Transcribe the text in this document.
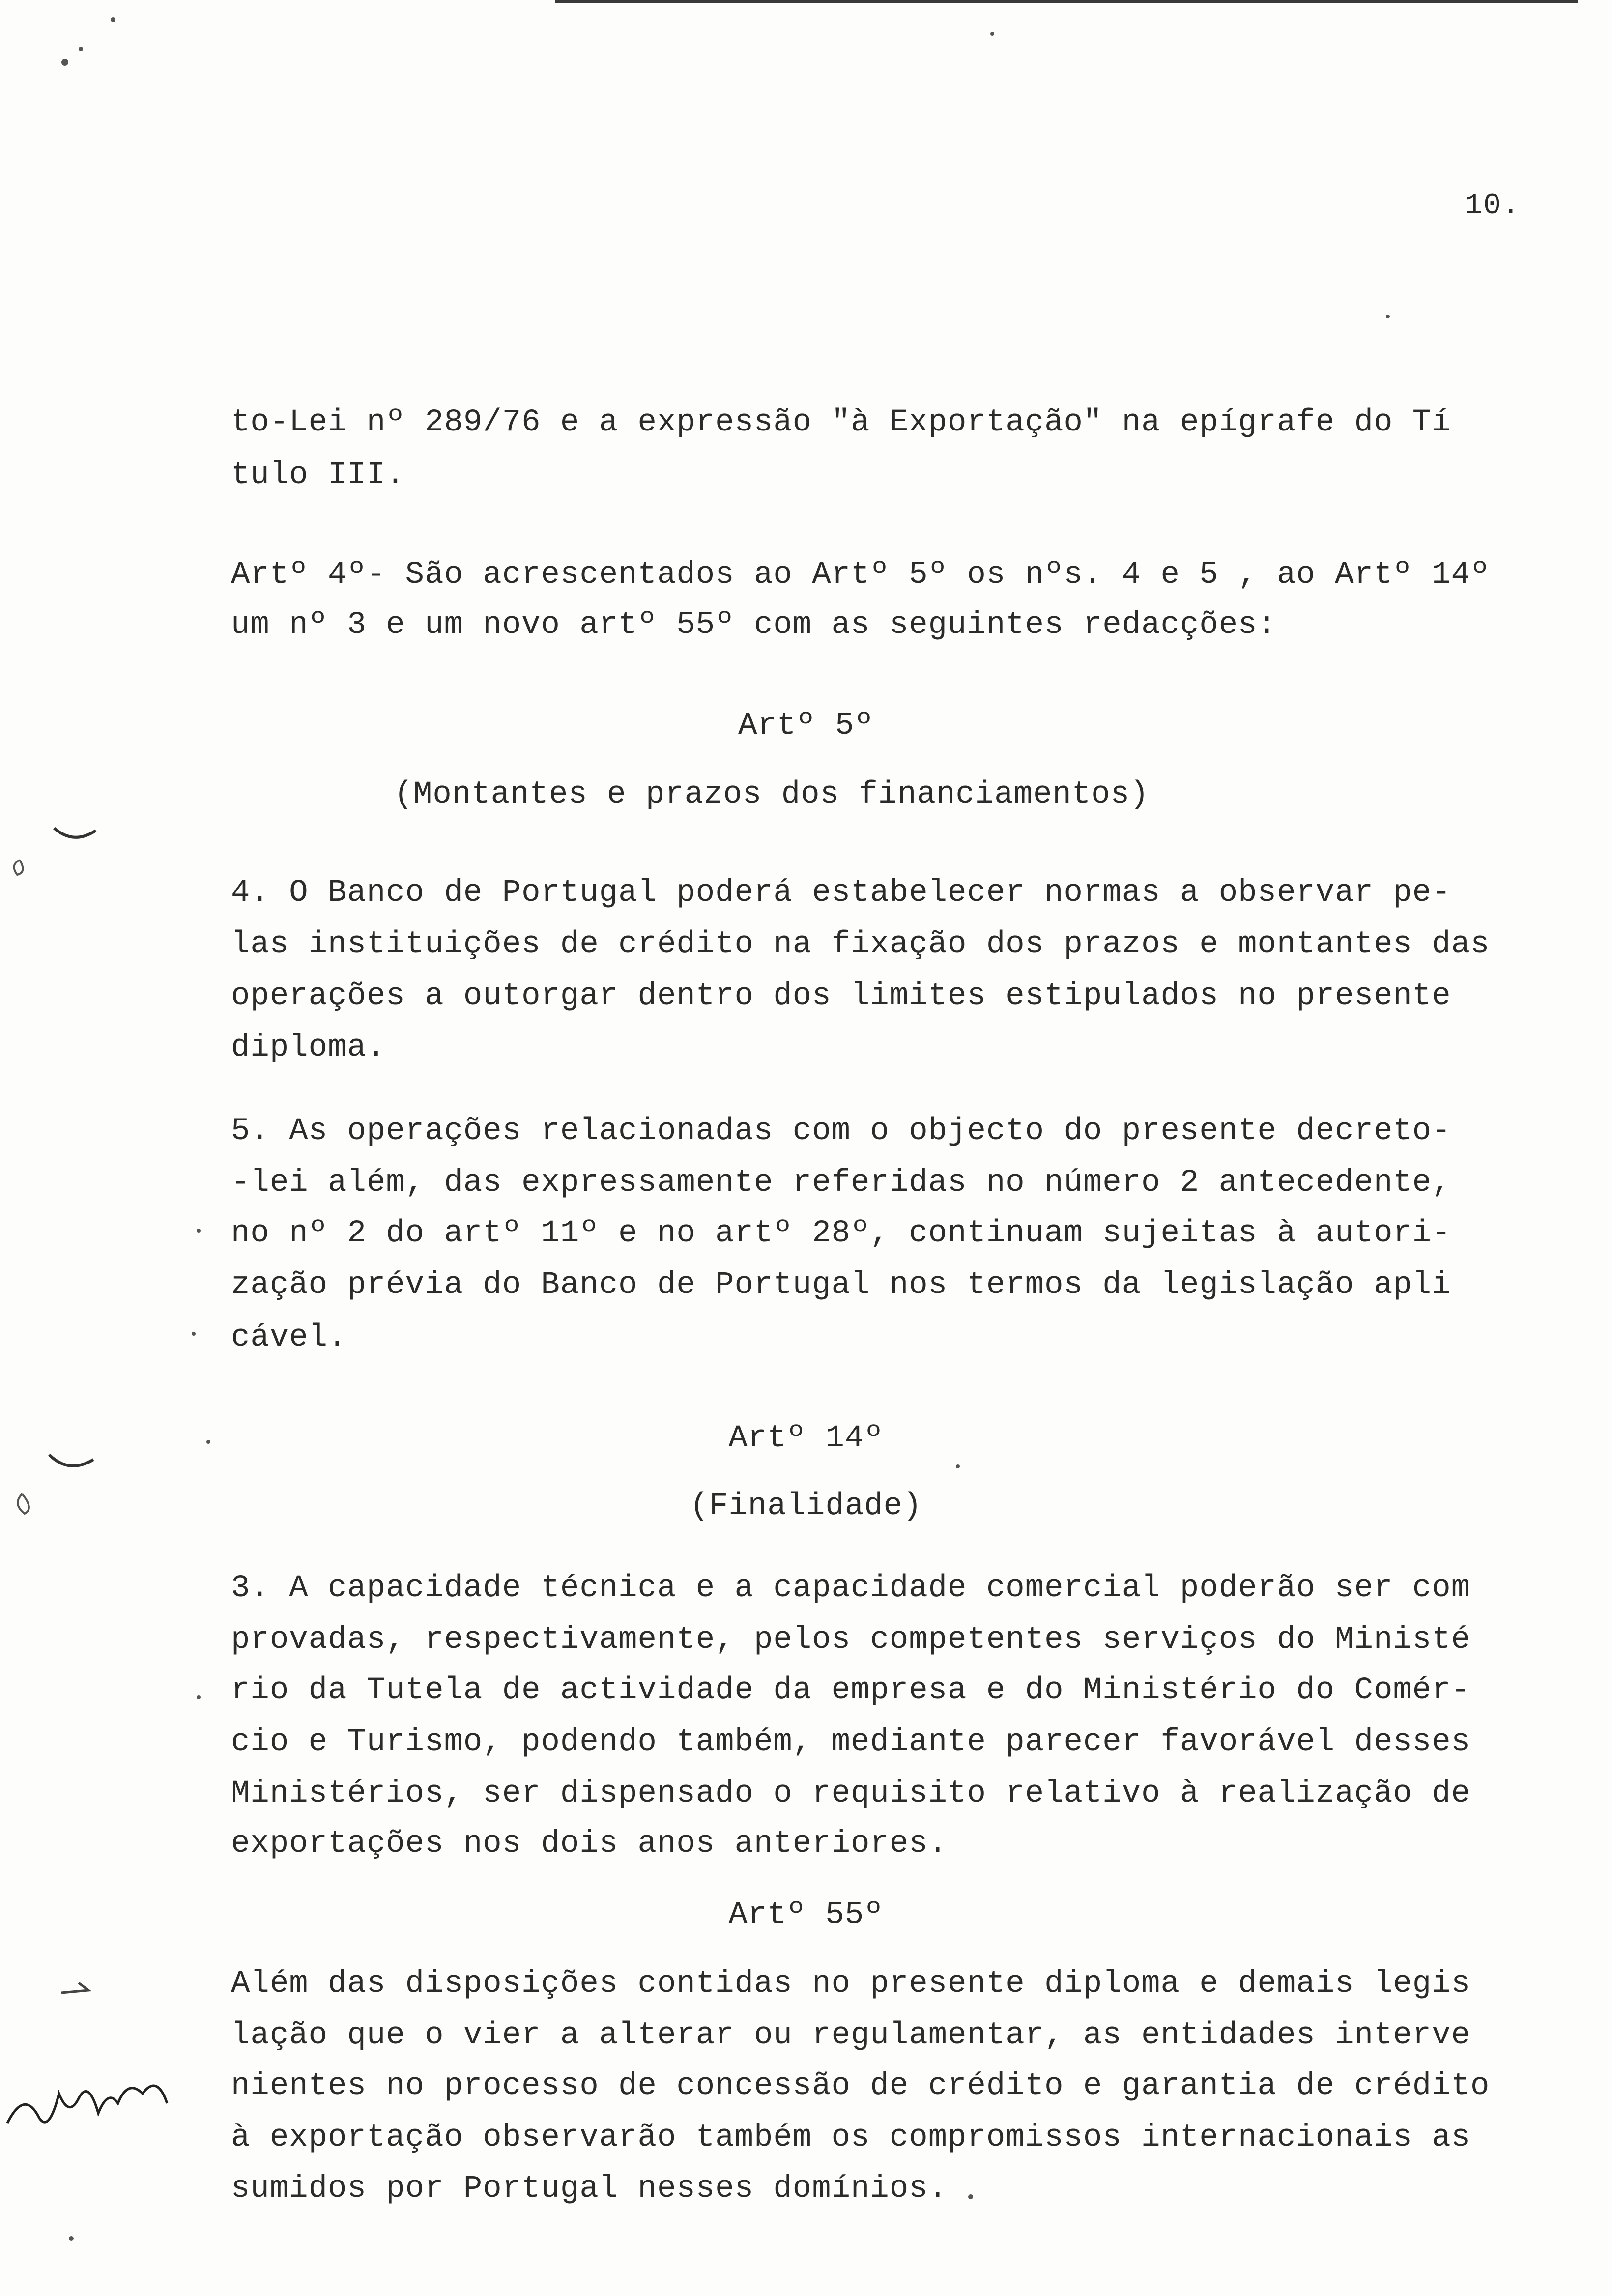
10.
to-Lei nº 289/76 e a expressão "à Exportação" na epígrafe do Tí
tulo III.
Artº 4º- São acrescentados ao Artº 5º os nºs. 4 e 5 , ao Artº 14º
um nº 3 e um novo artº 55º com as seguintes redacções:
Artº 5º
(Montantes e prazos dos financiamentos)
4. O Banco de Portugal poderá estabelecer normas a observar pe-
las instituições de crédito na fixação dos prazos e montantes das
operações a outorgar dentro dos limites estipulados no presente
diploma.
5. As operações relacionadas com o objecto do presente decreto-
-lei além, das expressamente referidas no número 2 antecedente,
no nº 2 do artº 11º e no artº 28º, continuam sujeitas à autori-
zação prévia do Banco de Portugal nos termos da legislação apli
cável.
Artº 14º
(Finalidade)
3. A capacidade técnica e a capacidade comercial poderão ser com
provadas, respectivamente, pelos competentes serviços do Ministé
rio da Tutela de actividade da empresa e do Ministério do Comér-
cio e Turismo, podendo também, mediante parecer favorável desses
Ministérios, ser dispensado o requisito relativo à realização de
exportações nos dois anos anteriores.
Artº 55º
Além das disposições contidas no presente diploma e demais legis
lação que o vier a alterar ou regulamentar, as entidades interve
nientes no processo de concessão de crédito e garantia de crédito
à exportação observarão também os compromissos internacionais as
sumidos por Portugal nesses domínios.
